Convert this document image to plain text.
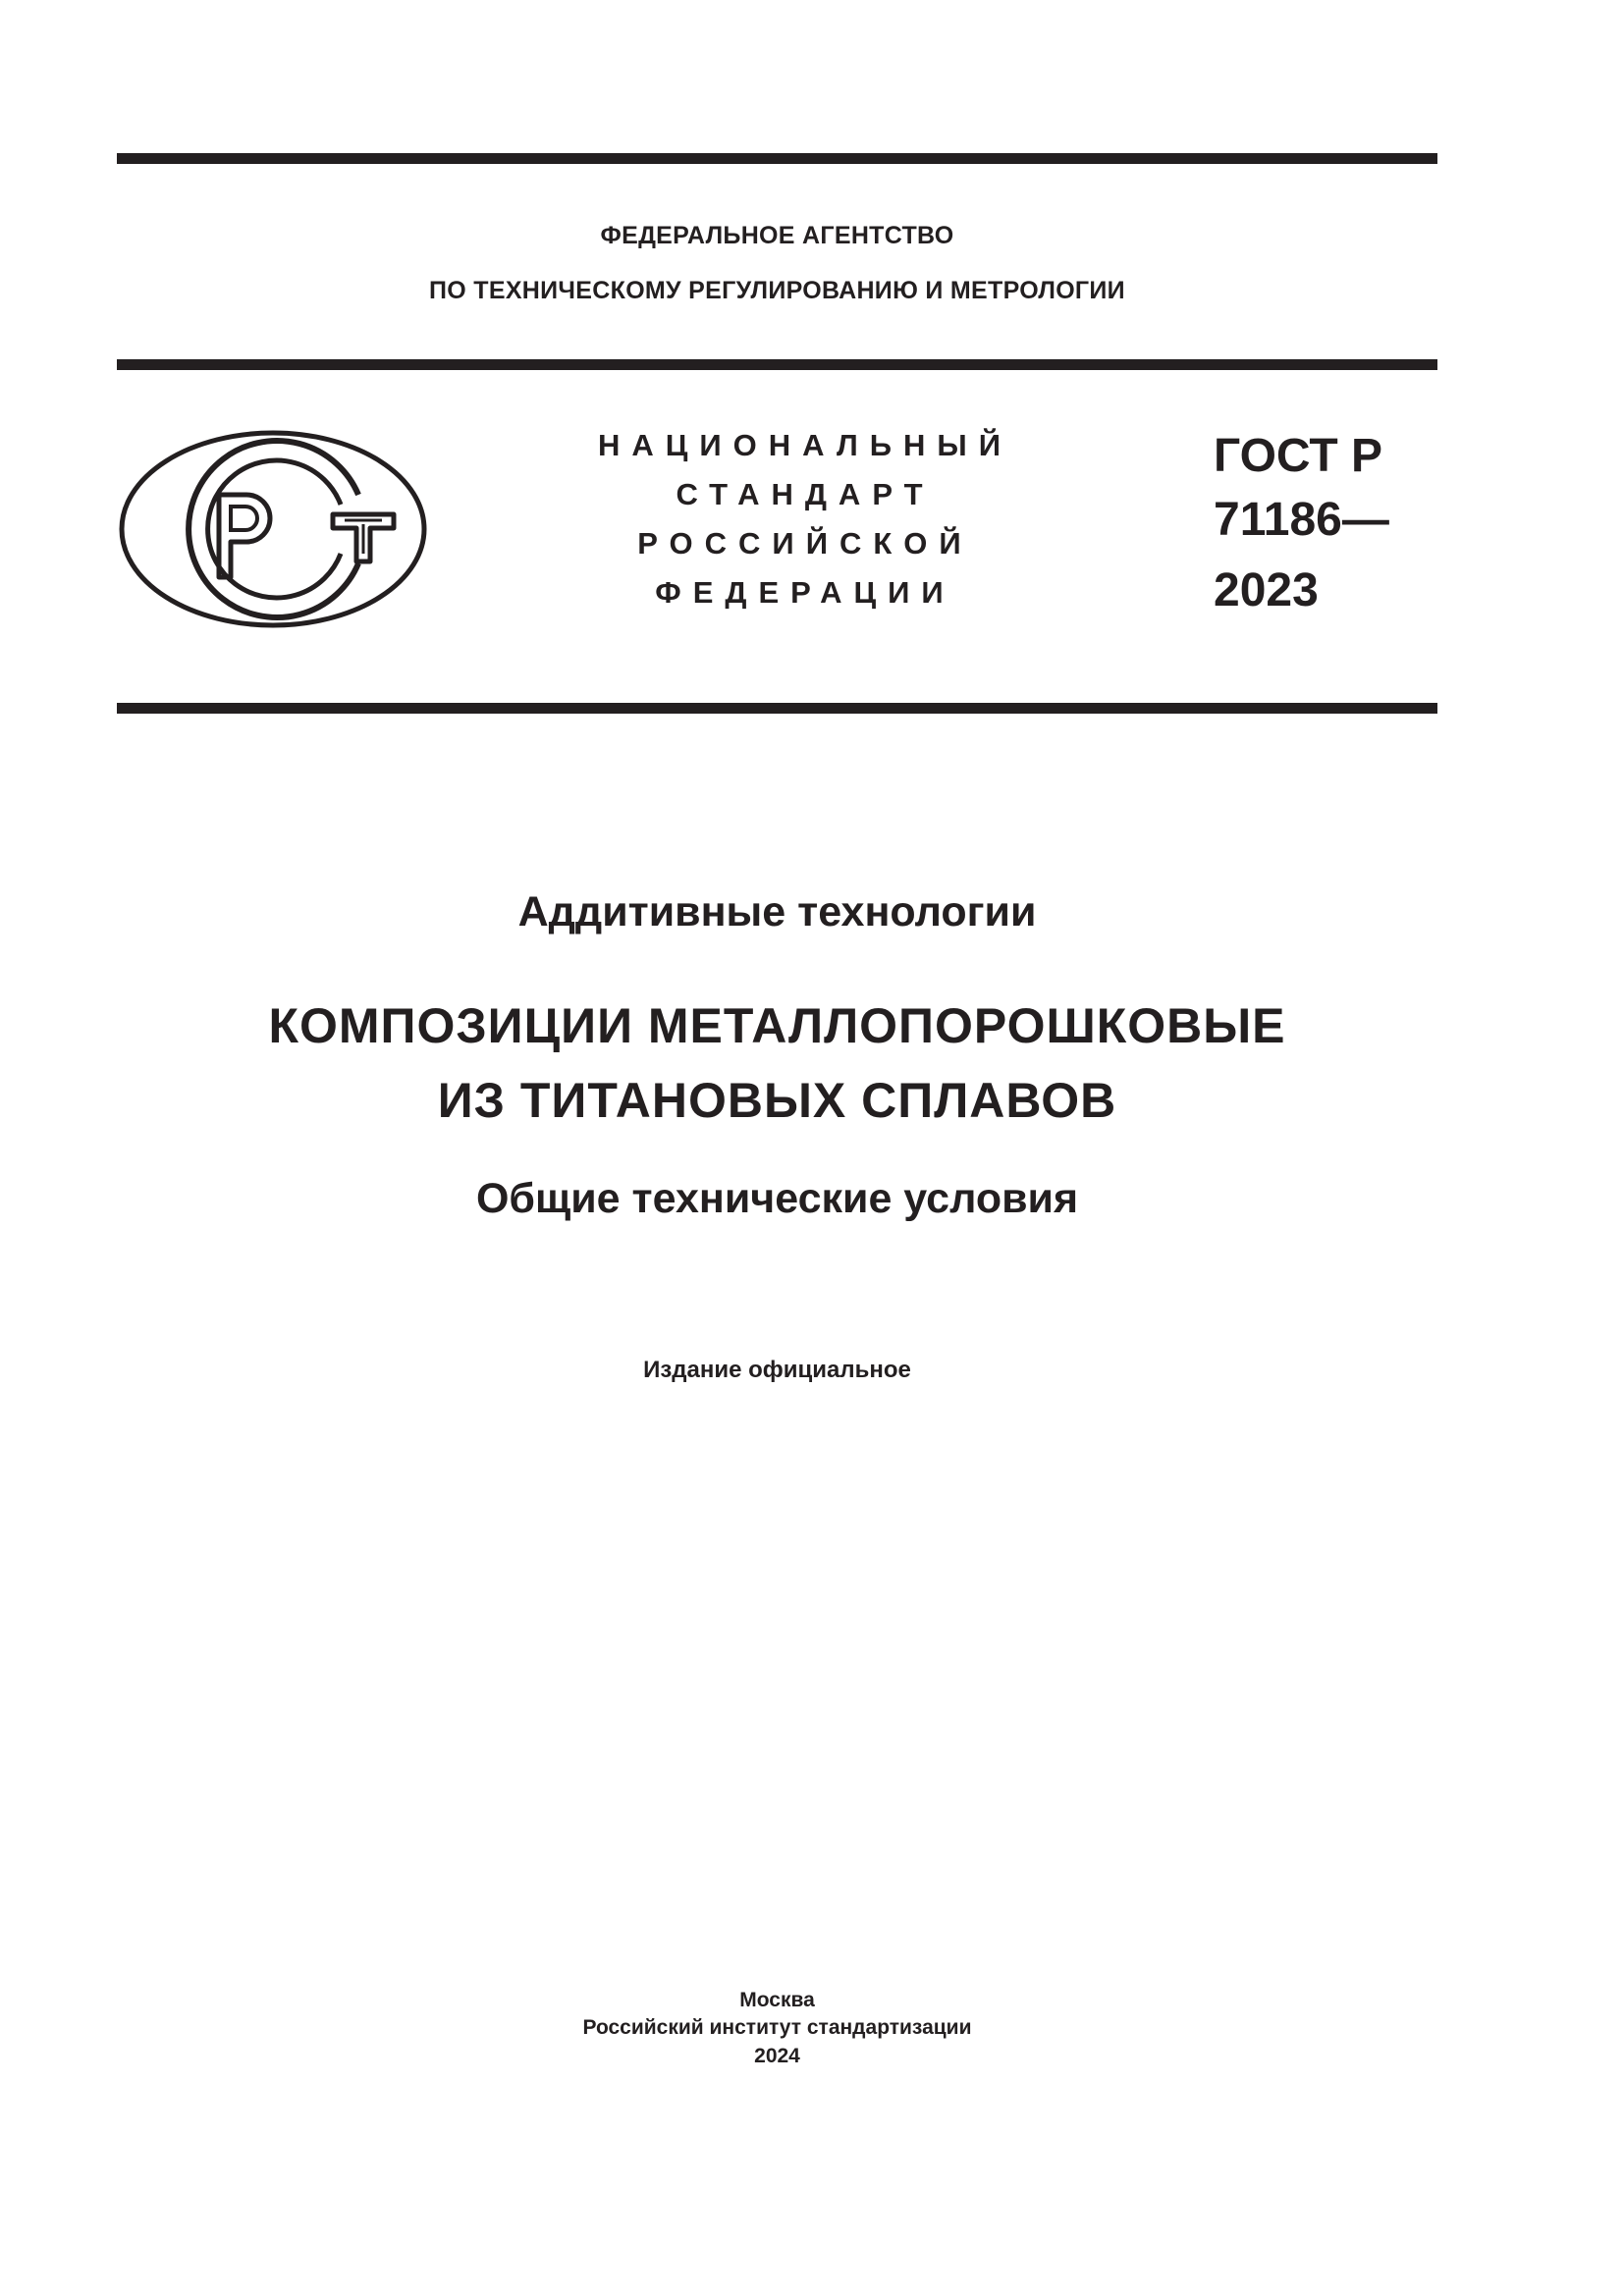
ФЕДЕРАЛЬНОЕ АГЕНТСТВО
ПО ТЕХНИЧЕСКОМУ РЕГУЛИРОВАНИЮ И МЕТРОЛОГИИ
НАЦИОНАЛЬНЫЙ
СТАНДАРТ
РОССИЙСКОЙ
ФЕДЕРАЦИИ
ГОСТ Р
71186—
2023
Аддитивные технологии
КОМПОЗИЦИИ МЕТАЛЛОПОРОШКОВЫЕ
ИЗ ТИТАНОВЫХ СПЛАВОВ
Общие технические условия
Издание официальное
Москва
Российский институт стандартизации
2024
